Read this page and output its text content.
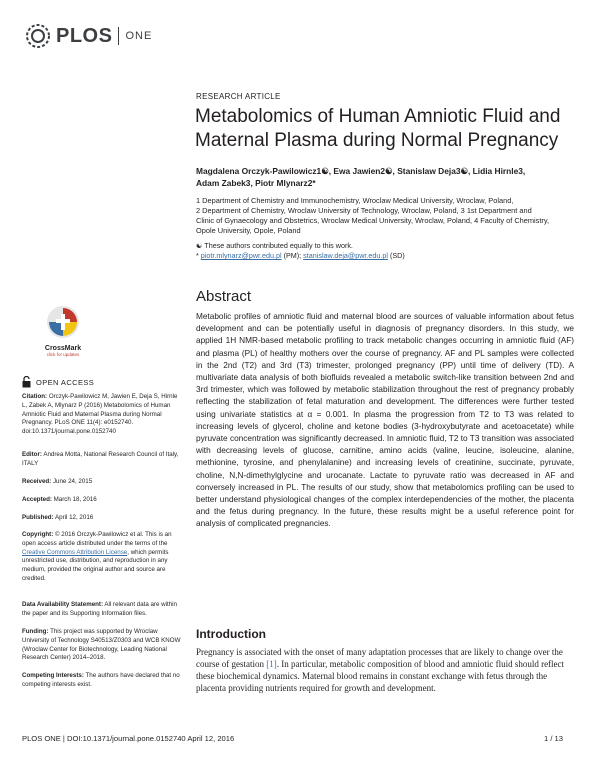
PLOS ONE
RESEARCH ARTICLE
Metabolomics of Human Amniotic Fluid and Maternal Plasma during Normal Pregnancy
Magdalena Orczyk-Pawilowicz1☯, Ewa Jawien2☯, Stanislaw Deja3☯, Lidia Hirnle3,
Adam Zabek3, Piotr Mlynarz2*
1 Department of Chemistry and Immunochemistry, Wroclaw Medical University, Wroclaw, Poland,
2 Department of Chemistry, Wroclaw University of Technology, Wroclaw, Poland, 3 1st Department and
Clinic of Gynaecology and Obstetrics, Wroclaw Medical University, Wroclaw, Poland, 4 Faculty of Chemistry,
Opole University, Opole, Poland
☯ These authors contributed equally to this work.
* piotr.mlynarz@pwr.edu.pl (PM); stanislaw.deja@pwr.edu.pl (SD)
Abstract
Metabolic profiles of amniotic fluid and maternal blood are sources of valuable information about fetus development and can be potentially useful in diagnosis of pregnancy disorders. In this study, we applied 1H NMR-based metabolic profiling to track metabolic changes occurring in amniotic fluid (AF) and plasma (PL) of healthy mothers over the course of pregnancy. AF and PL samples were collected in the 2nd (T2) and 3rd (T3) trimester, prolonged pregnancy (PP) until time of delivery (TD). A multivariate data analysis of both biofluids revealed a metabolic switch-like transition between 2nd and 3rd trimester, which was followed by metabolic stabilization throughout the rest of pregnancy probably reflecting the stabilization of fetal maturation and development. The differences were further tested using univariate statistics at α = 0.001. In plasma the progression from T2 to T3 was related to increasing levels of glycerol, choline and ketone bodies (3-hydroxybutyrate and acetoacetate) while pyruvate concentration was significantly decreased. In amniotic fluid, T2 to T3 transition was associated with decreasing levels of glucose, carnitine, amino acids (valine, leucine, isoleucine, alanine, methionine, tyrosine, and phenylalanine) and increasing levels of creatinine, succinate, pyruvate, choline, N,N-dimethylglycine and urocanate. Lactate to pyruvate ratio was decreased in AF and conversely increased in PL. The results of our study, show that metabolomics profiling can be used to better understand physiological changes of the complex interdependencies of the mother, the placenta and the fetus during pregnancy. In the future, these results might be a useful reference point for analysis of complicated pregnancies.
Introduction
Pregnancy is associated with the onset of many adaptation processes that are likely to change over the course of gestation [1]. In particular, metabolic composition of blood and amniotic fluid should reflect these biochemical dynamics. Maternal blood remains in constant exchange with fetus through the placenta providing nutrients required for growth and development.
CrossMark
click for updates
OPEN ACCESS
Citation: Orczyk-Pawilowicz M, Jawien E, Deja S, Hirnle L, Zabek A, Mlynarz P (2016) Metabolomics of Human Amniotic Fluid and Maternal Plasma during Normal Pregnancy. PLoS ONE 11(4): e0152740. doi:10.1371/journal.pone.0152740
Editor: Andrea Motta, National Research Council of Italy, ITALY
Received: June 24, 2015
Accepted: March 18, 2016
Published: April 12, 2016
Copyright: © 2016 Orczyk-Pawilowicz et al. This is an open access article distributed under the terms of the Creative Commons Attribution License, which permits unrestricted use, distribution, and reproduction in any medium, provided the original author and source are credited.
Data Availability Statement: All relevant data are within the paper and its Supporting Information files.
Funding: This project was supported by Wroclaw University of Technology S40513/Z0303 and WCB KNOW (Wroclaw Center for Biotechnology, Leading National Research Center) 2014–2018.
Competing Interests: The authors have declared that no competing interests exist.
PLOS ONE | DOI:10.1371/journal.pone.0152740 April 12, 2016	1 / 13
